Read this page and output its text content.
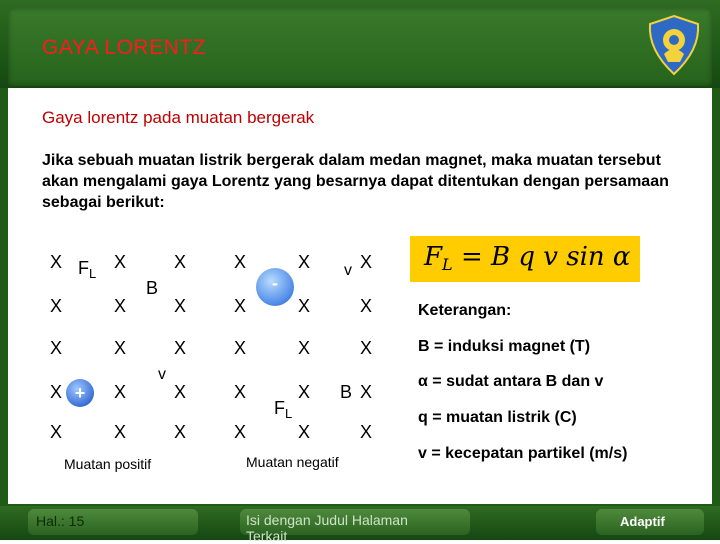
GAYA LORENTZ
Gaya lorentz pada muatan bergerak
Jika sebuah muatan listrik bergerak dalam medan magnet, maka muatan tersebut akan mengalami gaya Lorentz yang besarnya dapat ditentukan dengan persamaan sebagai berikut:
X	X	X
$F_L$
B
X	X	X
X	X	X
X +	X
v
X
X	X	X
Muatan positif
X
-
X v X
X	X	X
X	X	X
X	X B X
$F_L$
X	X	X
Muatan negatif
FL = B q v sin α
Keterangan:
B = induksi magnet (T)
α = sudat antara B dan v
q = muatan listrik (C)
v = kecepatan partikel (m/s)
Hal.: 15	Isi dengan Judul Halaman Terkait
Adaptif
